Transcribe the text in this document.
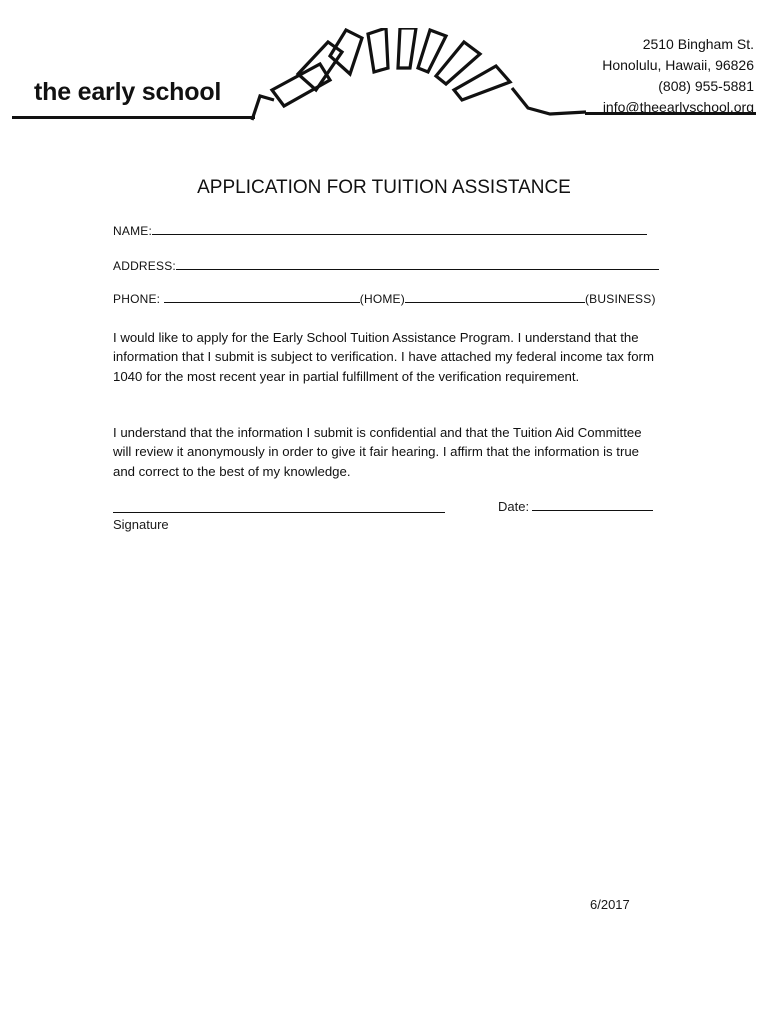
the early school
2510 Bingham St.
Honolulu, Hawaii, 96826
(808) 955-5881
info@theearlyschool.org
APPLICATION FOR TUITION ASSISTANCE
NAME:
ADDRESS:
PHONE:	(HOME)	(BUSINESS)
I would like to apply for the Early School Tuition Assistance Program. I understand that the information that I submit is subject to verification. I have attached my federal income tax form 1040 for the most recent year in partial fulfillment of the verification requirement.
I understand that the information I submit is confidential and that the Tuition Aid Committee will review it anonymously in order to give it fair hearing. I affirm that the information is true and correct to the best of my knowledge.
Signature
Date:
6/2017
